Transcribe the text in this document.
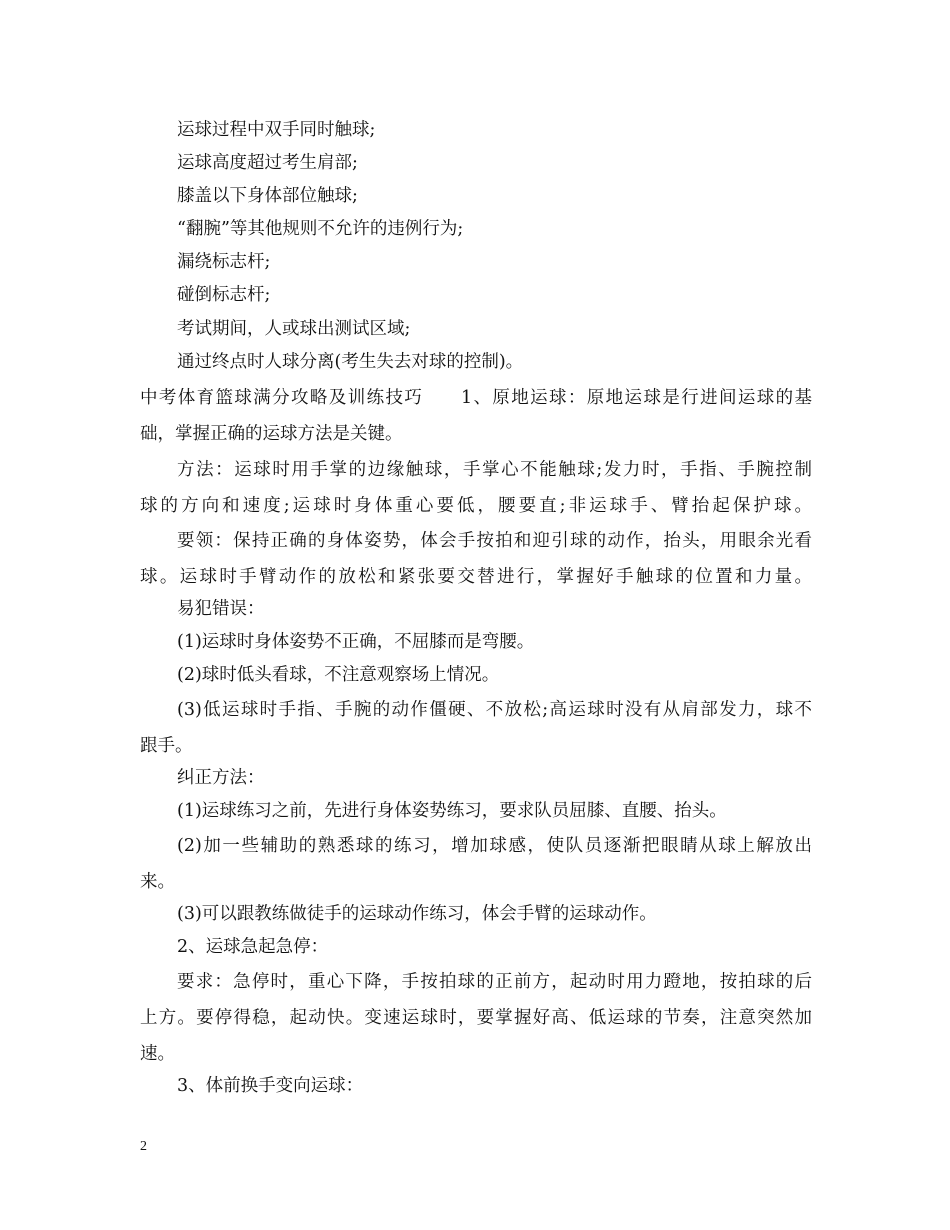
运球过程中双手同时触球;
运球高度超过考生肩部;
膝盖以下身体部位触球;
“翻腕”等其他规则不允许的违例行为;
漏绕标志杆;
碰倒标志杆;
考试期间，人或球出测试区域;
通过终点时人球分离(考生失去对球的控制)。
中考体育篮球满分攻略及训练技巧　　1、原地运球：原地运球是行进间运球的基
础，掌握正确的运球方法是关键。
方法：运球时用手掌的边缘触球，手掌心不能触球;发力时，手指、手腕控制
球的方向和速度;运球时身体重心要低，腰要直;非运球手、臂抬起保护球。
要领：保持正确的身体姿势，体会手按拍和迎引球的动作，抬头，用眼余光看
球。运球时手臂动作的放松和紧张要交替进行，掌握好手触球的位置和力量。
易犯错误：
(1)运球时身体姿势不正确，不屈膝而是弯腰。
(2)球时低头看球，不注意观察场上情况。
(3)低运球时手指、手腕的动作僵硬、不放松;高运球时没有从肩部发力，球不
跟手。
纠正方法：
(1)运球练习之前，先进行身体姿势练习，要求队员屈膝、直腰、抬头。
(2)加一些辅助的熟悉球的练习，增加球感，使队员逐渐把眼睛从球上解放出
来。
(3)可以跟教练做徒手的运球动作练习，体会手臂的运球动作。
2、运球急起急停：
要求：急停时，重心下降，手按拍球的正前方，起动时用力蹬地，按拍球的后
上方。要停得稳，起动快。变速运球时，要掌握好高、低运球的节奏，注意突然加
速。
3、体前换手变向运球：
2
